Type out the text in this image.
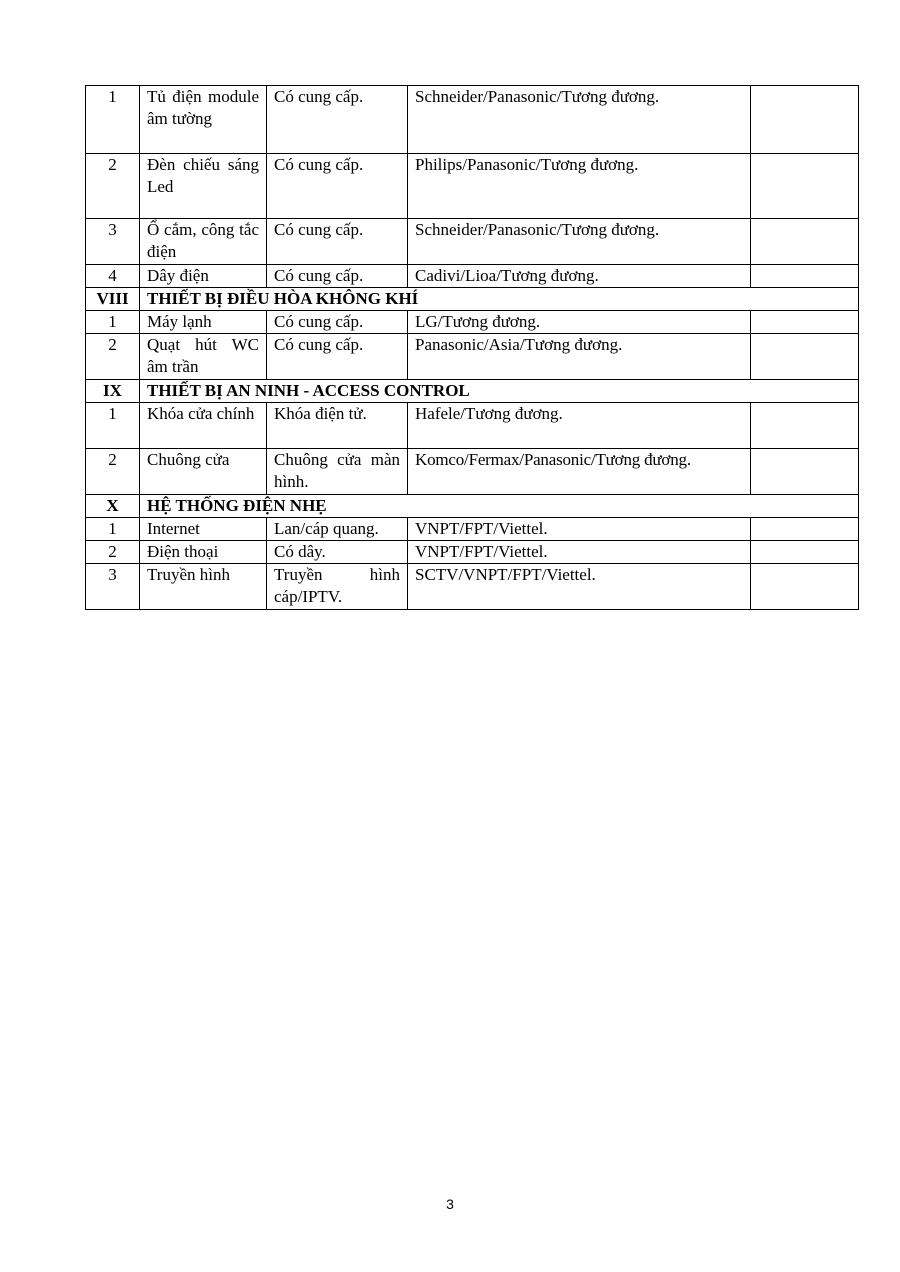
1	Tủ điện module âm tường	Có cung cấp.	Schneider/Panasonic/Tương đương.	
2	Đèn chiếu sáng Led	Có cung cấp.	Philips/Panasonic/Tương đương.	
3	Ổ cắm, công tắc điện	Có cung cấp.	Schneider/Panasonic/Tương đương.	
4	Dây điện	Có cung cấp.	Cadivi/Lioa/Tương đương.	
VIII	THIẾT BỊ ĐIỀU HÒA KHÔNG KHÍ			
1	Máy lạnh	Có cung cấp.	LG/Tương đương.	
2	Quạt hút WC âm trần	Có cung cấp.	Panasonic/Asia/Tương đương.	
IX	THIẾT BỊ AN NINH - ACCESS CONTROL			
1	Khóa cửa chính	Khóa điện tử.	Hafele/Tương đương.	
2	Chuông cửa	Chuông cửa màn hình.	Komco/Fermax/Panasonic/Tương đương.	
X	HỆ THỐNG ĐIỆN NHẸ			
1	Internet	Lan/cáp quang.	VNPT/FPT/Viettel.	
2	Điện thoại	Có dây.	VNPT/FPT/Viettel.	
3	Truyền hình	Truyền hình cáp/IPTV.	SCTV/VNPT/FPT/Viettel.	
3
